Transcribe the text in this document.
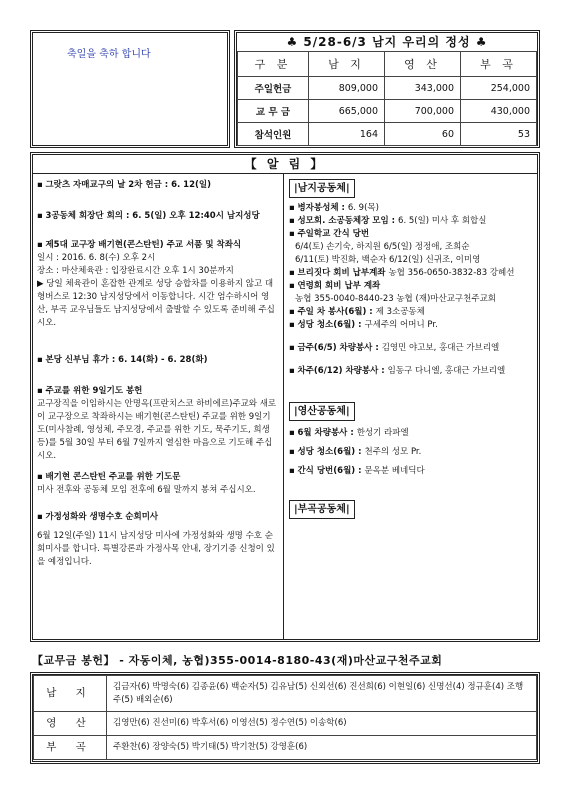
축일을 축하 합니다
♣ 5/28-6/3 남지 우리의 정성 ♣
구 분	남 지	영 산	부 곡
주일헌금	809,000	343,000	254,000
교 무 금	665,000	700,000	430,000
참석인원	164	60	53
【 알 림 】

▪ 그랏츠 자매교구의 날 2차 헌금 : 6. 12(일)

▪ 3공동체 회장단 회의 : 6. 5(일) 오후 12:40시 남지성당

▪ 제5대 교구장 배기현(콘스탄틴) 주교 서품 및 착좌식

일시 : 2016. 6. 8(수) 오후 2시

장소 : 마산체육관 : 입장완료시간 오후 1시 30분까지

▶ 당일 체육관이 혼잡한 관계로 성당 승합차를 이용하지 않고 대형버스로 12:30 남지성당에서 이동합니다. 시간 엄수하시어 영산, 부곡 교우님들도 남지성당에서 출발할 수 있도록 준비해 주십시오.

▪ 본당 신부님 휴가 : 6. 14(화) - 6. 28(화)

▪ 주교를 위한 9일기도 봉헌

교구장직을 이임하시는 안명옥(프란치스코 하비에르)주교와 새로이 교구장으로 착좌하시는 배기현(콘스탄틴) 주교를 위한 9일기도(미사참례, 영성체, 주모경, 주교를 위한 기도, 묵주기도, 희생등)를 5월 30일 부터 6월 7일까지 열심한 마음으로 기도해 주십시오.

▪ 배기현 콘스탄틴 주교를 위한 기도문

미사 전후와 공동체 모임 전후에 6월 말까지 봉쳐 주십시오.

▪ 가정성화와 생명수호 순회미사

6월 12일(주일) 11시 남지성당 미사에 가정성화와 생명 수호 순회미사를 합니다. 특별강론과 가정사목 안내, 장기기증 신청이 있을 예정입니다.

|남지공동체|

▪ 병자봉성체 : 6. 9(목)

▪ 성모회. 소공동체장 모임 : 6. 5(일) 미사 후 회합실

▪ 주일학교 간식 당번

6/4(토) 손기숙, 하지원 6/5(일) 정정애, 조희순

6/11(토) 박진화, 백순자 6/12(일) 신귀조, 이미영

▪ 브리짓다 회비 납부계좌 농협 356-0650-3832-83 강혜선

▪ 연령회 회비 납부 계좌

농협 355-0040-8440-23 농협 (재)마산교구천주교회

▪ 주일 차 봉사(6월) : 제 3소공동체

▪ 성당 청소(6월) : 구세주의 어머니 Pr.

▪ 금주(6/5) 차량봉사 : 김영민 야고보, 홍대근 가브리엘

▪ 차주(6/12) 차량봉사 : 임동구 다니엘, 홍대근 가브리엘

|영산공동체|

▪ 6월 차량봉사 : 한성기 라파엘

▪ 성당 청소(6월) : 천주의 성모 Pr.

▪ 간식 당번(6월) : 문옥분 베네딕다

|부곡공동체|
【교무금 봉헌】 - 자동이체, 농협)355-0014-8180-43(재)마산교구천주교회
남 지	김금자(6) 박명숙(6) 김종윤(6) 백순자(5) 김유남(5) 신외선(6) 진선희(6) 이현일(6) 신명선(4) 정규훈(4) 조행주(5) 배외순(6)
영 산	김영만(6) 진선미(6) 박후서(6) 이영선(5) 정수연(5) 이송학(6)
부 곡	주환찬(6) 장양숙(5) 박기태(5) 박기찬(5) 강영훈(6)
